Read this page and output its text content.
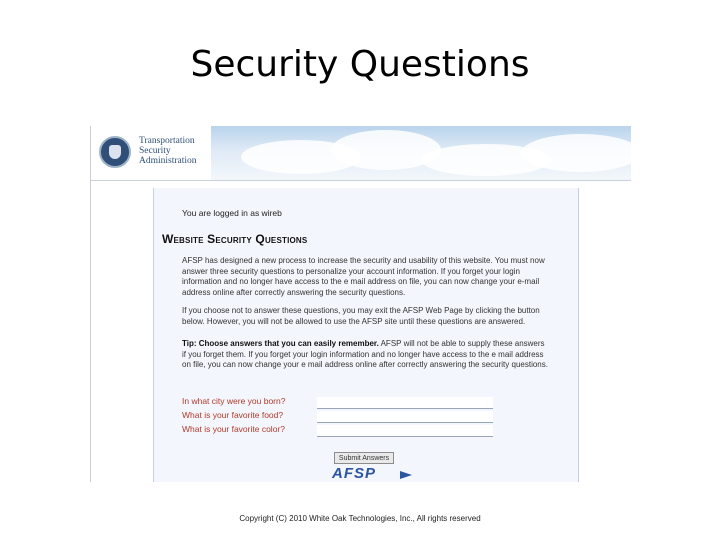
Security Questions
Transportation
Security
Administration
You are logged in as wireb
Website Security Questions
AFSP has designed a new process to increase the security and usability of this website. You must now answer three security questions to personalize your account information. If you forget your login information and no longer have access to the e mail address on file, you can now change your e-mail address online after correctly answering the security questions.
If you choose not to answer these questions, you may exit the AFSP Web Page by clicking the button below. However, you will not be allowed to use the AFSP site until these questions are answered.
Tip: Choose answers that you can easily remember. AFSP will not be able to supply these answers if you forget them. If you forget your login information and no longer have access to the e mail address on file, you can now change your e mail address online after correctly answering the security questions.
In what city were you born?
What is your favorite food?
What is your favorite color?
Submit Answers
AFSP
Copyright (C) 2010 White Oak Technologies, Inc., All rights reserved
